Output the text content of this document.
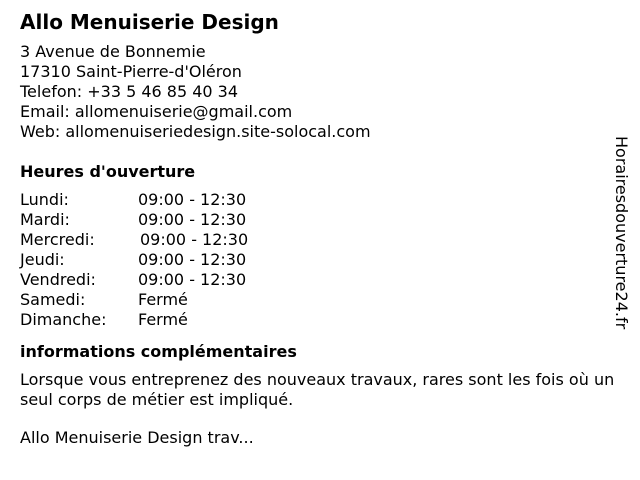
Allo Menuiserie Design
3 Avenue de Bonnemie
17310 Saint-Pierre-d'Oléron
Telefon: +33 5 46 85 40 34
Email: allomenuiserie@gmail.com
Web: allomenuiseriedesign.site-solocal.com
Heures d'ouverture
Lundi:	09:00 - 12:30
Mardi:	09:00 - 12:30
Mercredi:	09:00 - 12:30
Jeudi:	09:00 - 12:30
Vendredi:	09:00 - 12:30
Samedi:	Fermé
Dimanche:	Fermé
informations complémentaires
Lorsque vous entreprenez des nouveaux travaux, rares sont les fois où un seul corps de métier est impliqué.
Allo Menuiserie Design trav...
Horairesdouverture24.fr
